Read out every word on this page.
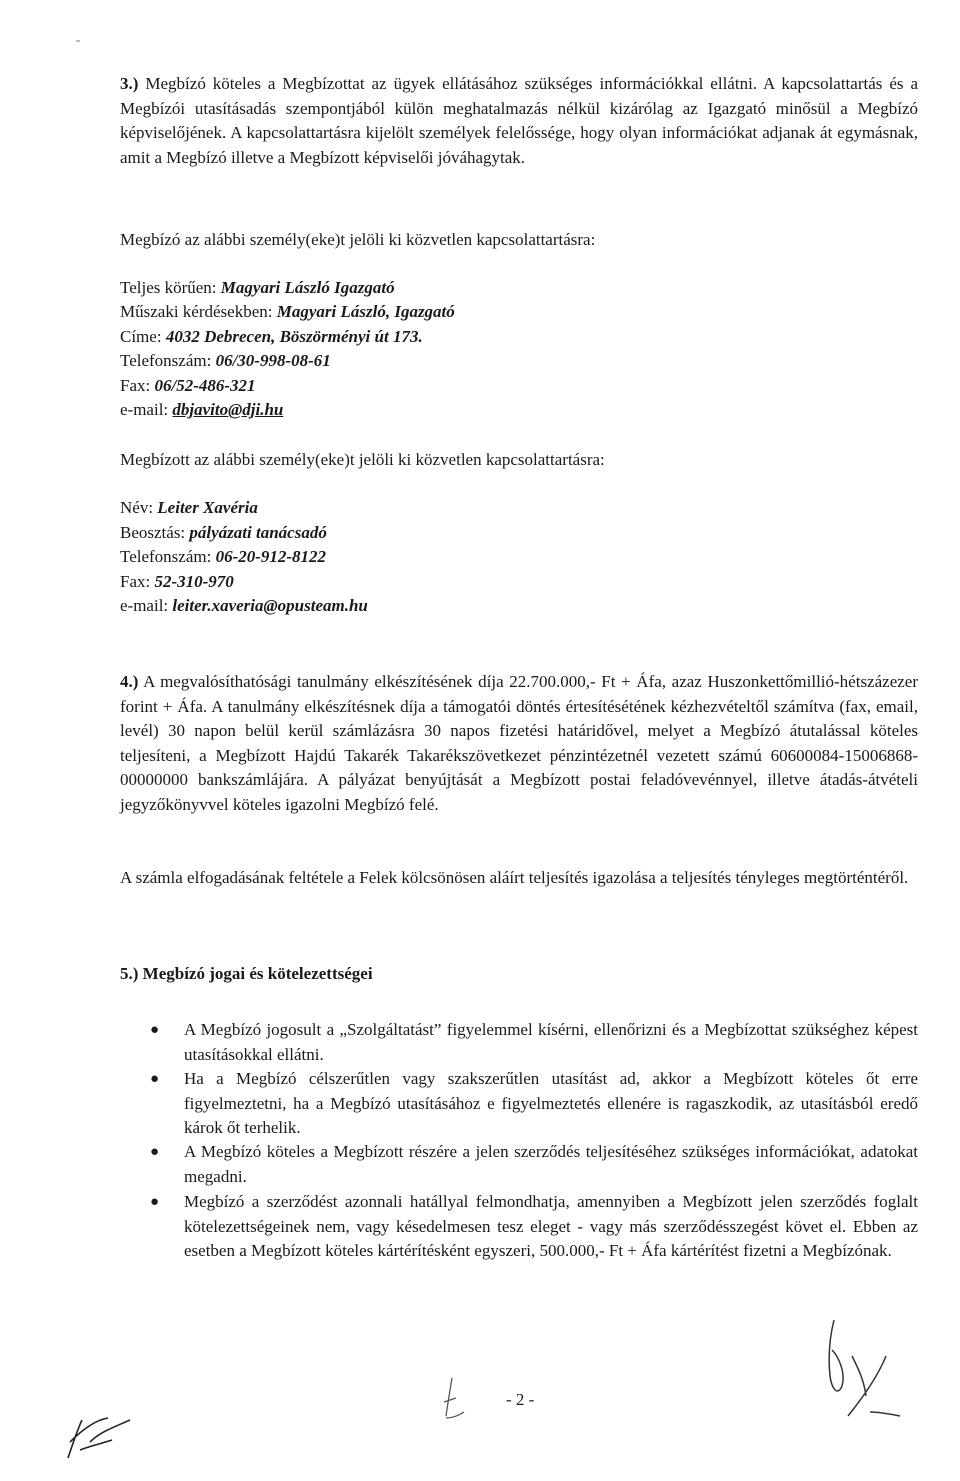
3.) Megbízó köteles a Megbízottat az ügyek ellátásához szükséges információkkal ellátni. A kapcsolattartás és a Megbízói utasításadás szempontjából külön meghatalmazás nélkül kizárólag az Igazgató minősül a Megbízó képviselőjének. A kapcsolattartásra kijelölt személyek felelőssége, hogy olyan információkat adjanak át egymásnak, amit a Megbízó illetve a Megbízott képviselői jóváhagytak.

Megbízó az alábbi személy(eke)t jelöli ki közvetlen kapcsolattartásra:
Teljes körűen: Magyari László Igazgató
Műszaki kérdésekben: Magyari László, Igazgató
Címe: 4032 Debrecen, Böszörményi út 173.
Telefonszám: 06/30-998-08-61
Fax: 06/52-486-321
e-mail: dbjavito@dji.hu
Megbízott az alábbi személy(eke)t jelöli ki közvetlen kapcsolattartásra:
Név: Leiter Xavéria
Beosztás: pályázati tanácsadó
Telefonszám: 06-20-912-8122
Fax: 52-310-970
e-mail: leiter.xaveria@opusteam.hu

4.) A megvalósíthatósági tanulmány elkészítésének díja 22.700.000,- Ft + Áfa, azaz Huszonkettőmillió-hétszázezer forint + Áfa. A tanulmány elkészítésnek díja a támogatói döntés értesítésétének kézhezvételtől számítva (fax, email, levél) 30 napon belül kerül számlázásra 30 napos fizetési határidővel, melyet a Megbízó átutalással köteles teljesíteni, a Megbízott Hajdú Takarék Takarékszövetkezet pénzintézetnél vezetett számú 60600084-15006868-00000000 bankszámlájára. A pályázat benyújtását a Megbízott postai feladóvevénnyel, illetve átadás-átvételi jegyzőkönyvvel köteles igazolni Megbízó felé.

A számla elfogadásának feltétele a Felek kölcsönösen aláírt teljesítés igazolása a teljesítés tényleges megtörténtéről.

5.) Megbízó jogai és kötelezettségei
● A Megbízó jogosult a „Szolgáltatást” figyelemmel kísérni, ellenőrizni és a Megbízottat szükséghez képest utasításokkal ellátni.

● Ha a Megbízó célszerűtlen vagy szakszerűtlen utasítást ad, akkor a Megbízott köteles őt erre figyelmeztetni, ha a Megbízó utasításához e figyelmeztetés ellenére is ragaszkodik, az utasításból eredő károk őt terhelik.

● A Megbízó köteles a Megbízott részére a jelen szerződés teljesítéséhez szükséges információkat, adatokat megadni.

● Megbízó a szerződést azonnali hatállyal felmondhatja, amennyiben a Megbízott jelen szerződés foglalt kötelezettségeinek nem, vagy késedelmesen tesz eleget - vagy más szerződésszegést követ el. Ebben az esetben a Megbízott köteles kártérítésként egyszeri, 500.000,- Ft + Áfa kártérítést fizetni a Megbízónak.

- 2 -
